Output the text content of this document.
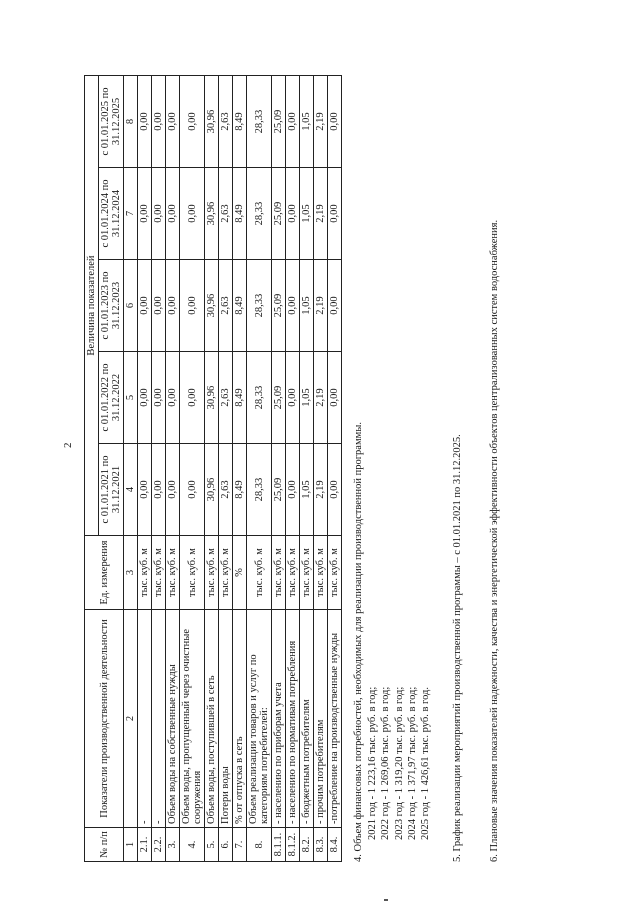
2
№ п/п	Показатели производственной деятельности	Ед. измерения	Величина показателей				
			с 01.01.2021 по 31.12.2021	с 01.01.2022 по 31.12.2022	с 01.01.2023 по 31.12.2023	с 01.01.2024 по 31.12.2024	с 01.01.2025 по 31.12.2025
1	2	3	4	5	6	7	8
2.1.	-	тыс. куб. м	0,00	0,00	0,00	0,00	0,00
2.2.	-	тыс. куб. м	0,00	0,00	0,00	0,00	0,00
3.	Объем воды на собственные нужды	тыс. куб. м	0,00	0,00	0,00	0,00	0,00
4.	Объем воды, пропущенный через очистные сооружения	тыс. куб. м	0,00	0,00	0,00	0,00	0,00
5.	Объем воды, поступившей в сеть	тыс. куб. м	30,96	30,96	30,96	30,96	30,96
6.	Потери воды	тыс. куб. м	2,63	2,63	2,63	2,63	2,63
7.	% от отпуска в сеть	%	8,49	8,49	8,49	8,49	8,49
8.	Объем реализации товаров и услуг по категориям потребителей:	тыс. куб. м	28,33	28,33	28,33	28,33	28,33
8.1.1.	- населению по приборам учета	тыс. куб. м	25,09	25,09	25,09	25,09	25,09
8.1.2.	- населению по нормативам потребления	тыс. куб. м	0,00	0,00	0,00	0,00	0,00
8.2.	- бюджетным потребителям	тыс. куб. м	1,05	1,05	1,05	1,05	1,05
8.3.	- прочим потребителям	тыс. куб. м	2,19	2,19	2,19	2,19	2,19
8.4.	-потребление на производственные нужды	тыс. куб. м	0,00	0,00	0,00	0,00	0,00

4. Объем финансовых потребностей, необходимых для реализации производственной программы. 2021 год - 1 223,16 тыс. руб. в год; 2022 год - 1 269,06 тыс. руб. в год; 2023 год - 1 319,20 тыс. руб. в год; 2024 год - 1 371,97 тыс. руб. в год; 2025 год - 1 426,61 тыс. руб. в год. 5. График реализации мероприятий производственной программы – с 01.01.2021 по 31.12.2025.	6. Плановые значения показателей надежности, качества и энергетической эффективности объектов централизованных систем водоснабжения.
